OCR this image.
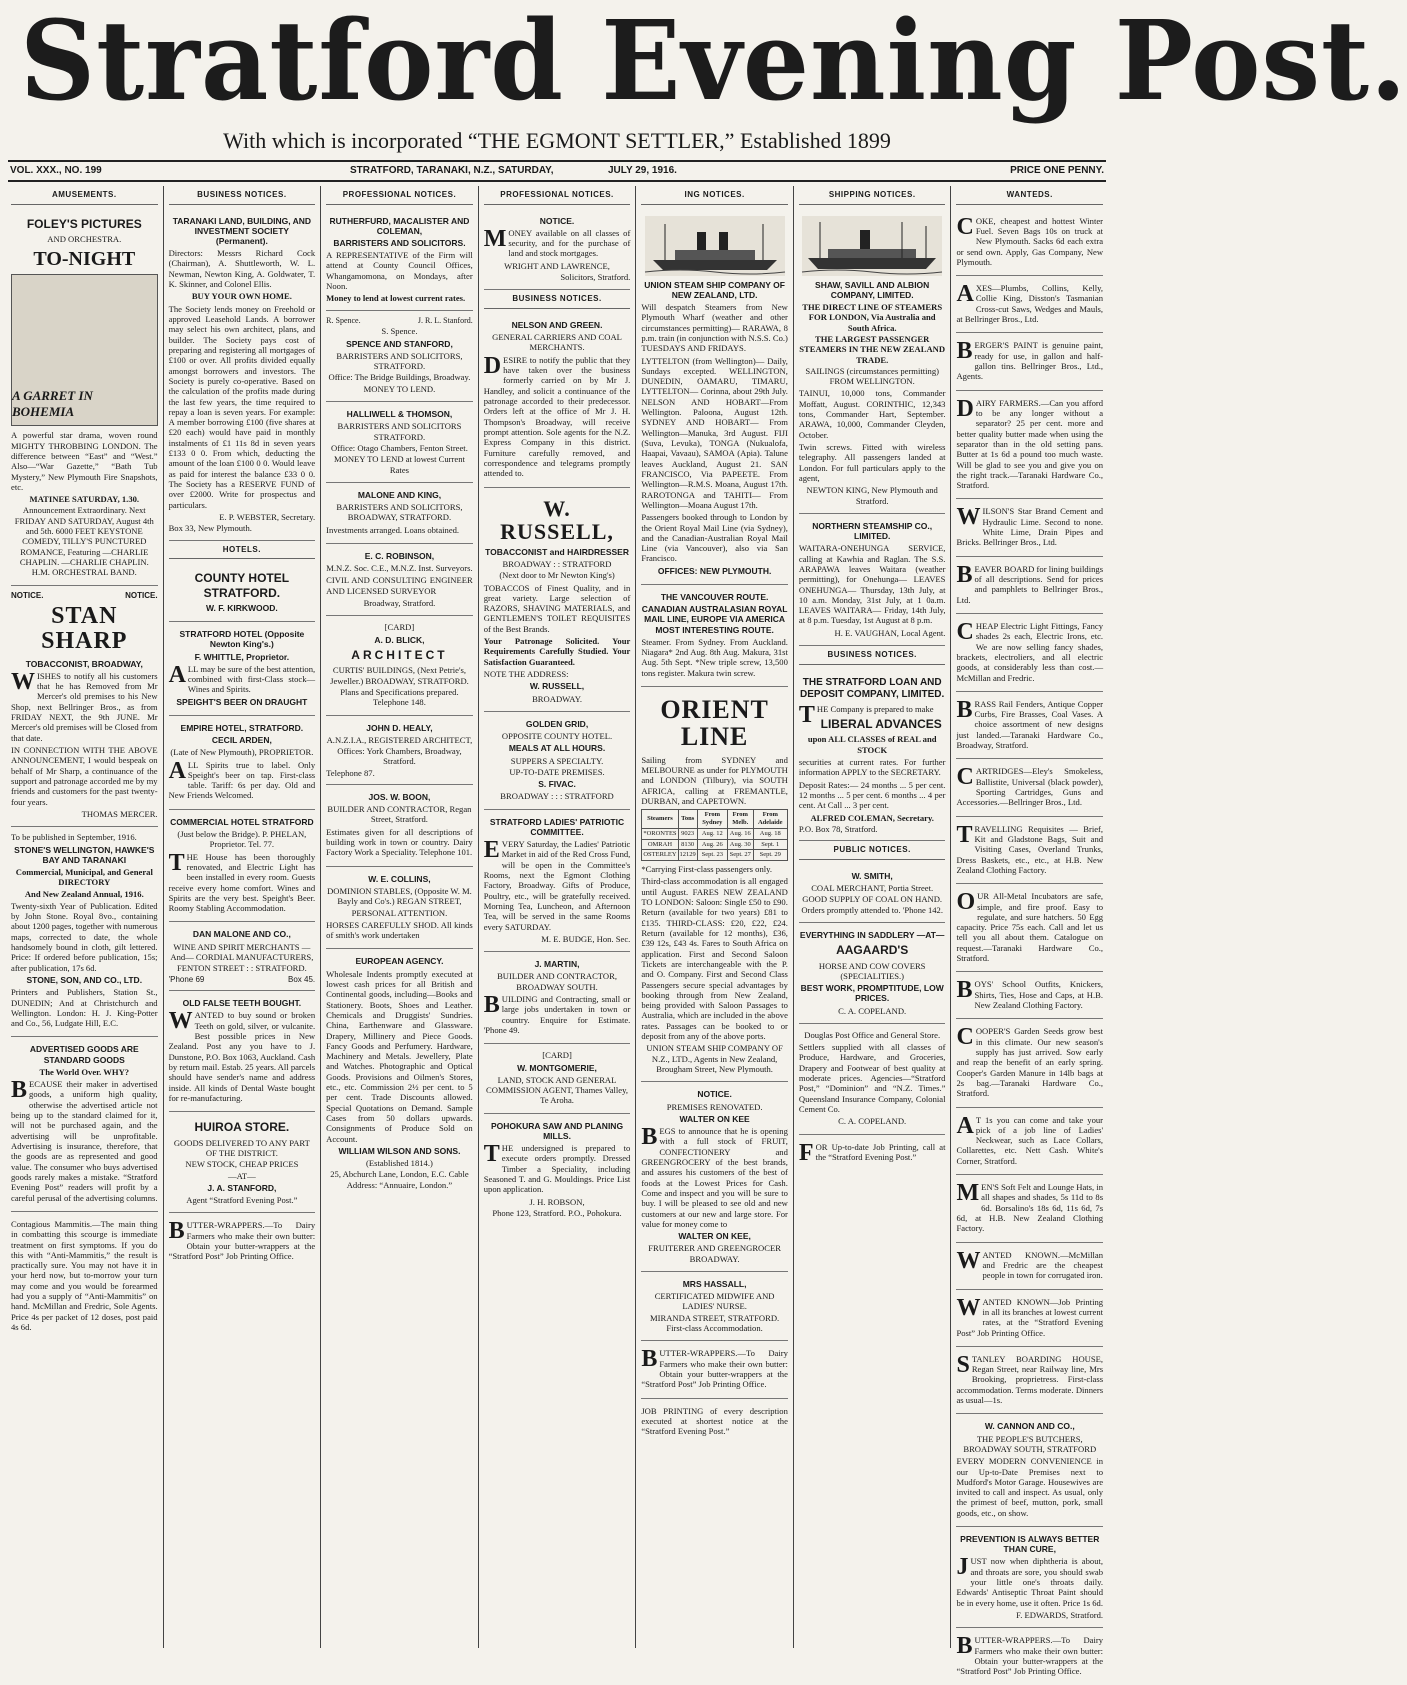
Stratford Evening Post.
With which is incorporated “THE EGMONT SETTLER,” Established 1899
VOL. XXX., NO. 199	STRATFORD, TARANAKI, N.Z., SATURDAY,	JULY 29, 1916.	PRICE ONE PENNY.
AMUSEMENTS.
FOLEY'S PICTURES
AND ORCHESTRA.
TO-NIGHT
A GARRET IN BOHEMIA

A powerful star drama, woven round MIGHTY THROBBING LONDON. The difference between “East” and “West.” Also—“War Gazette,” “Bath Tub Mystery,” New Plymouth Fire Snapshots, etc.

MATINEE SATURDAY, 1.30.

Announcement Extraordinary. Next FRIDAY AND SATURDAY, August 4th and 5th. 6000 FEET KEYSTONE COMEDY, TILLY'S PUNCTURED ROMANCE, Featuring —CHARLIE CHAPLIN. —CHARLIE CHAPLIN. H.M. ORCHESTRAL BAND.

NOTICE.	NOTICE.
STAN SHARP
TOBACCONIST, BROADWAY,

WISHES to notify all his customers that he has Removed from Mr Mercer's old premises to his New Shop, next Bellringer Bros., as from FRIDAY NEXT, the 9th JUNE. Mr Mercer's old premises will be Closed from that date.

IN CONNECTION WITH THE ABOVE ANNOUNCEMENT, I would bespeak on behalf of Mr Sharp, a continuance of the support and patronage accorded me by my friends and customers for the past twenty-four years.

THOMAS MERCER.
To be published in September, 1916.
STONE'S WELLINGTON, HAWKE'S BAY AND TARANAKI
Commercial, Municipal, and General DIRECTORY
And New Zealand Annual, 1916.

Twenty-sixth Year of Publication. Edited by John Stone. Royal 8vo., containing about 1200 pages, together with numerous maps, corrected to date, the whole handsomely bound in cloth, gilt lettered. Price: If ordered before publication, 15s; after publication, 17s 6d.

STONE, SON, AND CO., LTD.

Printers and Publishers, Station St., DUNEDIN; And at Christchurch and Wellington. London: H. J. King-Potter and Co., 56, Ludgate Hill, E.C.

ADVERTISED GOODS ARE STANDARD GOODS
The World Over. WHY?

BECAUSE their maker in advertised goods, a uniform high quality, otherwise the advertised article not being up to the standard claimed for it, will not be purchased again, and the advertising will be unprofitable. Advertising is insurance, therefore, that the goods are as represented and good value. The consumer who buys advertised goods rarely makes a mistake. “Stratford Evening Post” readers will profit by a careful perusal of the advertising columns.

Contagious Mammitis.—The main thing in combatting this scourge is immediate treatment on first symptoms. If you do this with “Anti-Mammitis,” the result is practically sure. You may not have it in your herd now, but to-morrow your turn may come and you would be forearmed had you a supply of “Anti-Mammitis” on hand. McMillan and Fredric, Sole Agents. Price 4s per packet of 12 doses, post paid 4s 6d.

BUSINESS NOTICES.
TARANAKI LAND, BUILDING, AND INVESTMENT SOCIETY (Permanent).

Directors: Messrs Richard Cock (Chairman), A. Shuttleworth, W. L. Newman, Newton King, A. Goldwater, T. K. Skinner, and Colonel Ellis.

BUY YOUR OWN HOME.

The Society lends money on Freehold or approved Leasehold Lands. A borrower may select his own architect, plans, and builder. The Society pays cost of preparing and registering all mortgages of £100 or over. All profits divided equally amongst borrowers and investors. The Society is purely co-operative. Based on the calculation of the profits made during the last few years, the time required to repay a loan is seven years. For example: A member borrowing £100 (five shares at £20 each) would have paid in monthly instalments of £1 11s 8d in seven years £133 0 0. From which, deducting the amount of the loan £100 0 0. Would leave as paid for interest the balance £33 0 0. The Society has a RESERVE FUND of over £2000. Write for prospectus and particulars.

E. P. WEBSTER, Secretary.
Box 33, New Plymouth.
HOTELS.
COUNTY HOTEL STRATFORD.
W. F. KIRKWOOD.
STRATFORD HOTEL (Opposite Newton King's.)
F. WHITTLE, Proprietor.

ALL may be sure of the best attention, combined with first-Class stock—Wines and Spirits.

SPEIGHT'S BEER ON DRAUGHT
EMPIRE HOTEL, STRATFORD.
CECIL ARDEN,
(Late of New Plymouth), PROPRIETOR.

ALL Spirits true to label. Only Speight's beer on tap. First-class table. Tariff: 6s per day. Old and New Friends Welcomed.

COMMERCIAL HOTEL STRATFORD
(Just below the Bridge). P. PHELAN, Proprietor. Tel. 77.

THE House has been thoroughly renovated, and Electric Light has been installed in every room. Guests receive every home comfort. Wines and Spirits are the very best. Speight's Beer. Roomy Stabling Accommodation.

DAN MALONE AND CO.,
WINE AND SPIRIT MERCHANTS —And— CORDIAL MANUFACTURERS,
FENTON STREET : : STRATFORD.
'Phone 69	Box 45.
OLD FALSE TEETH BOUGHT.

WANTED to buy sound or broken Teeth on gold, silver, or vulcanite. Best possible prices in New Zealand. Post any you have to J. Dunstone, P.O. Box 1063, Auckland. Cash by return mail. Estab. 25 years. All parcels should have sender's name and address inside. All kinds of Dental Waste bought for re-manufacturing.

HUIROA STORE.
GOODS DELIVERED TO ANY PART OF THE DISTRICT.
NEW STOCK, CHEAP PRICES
—AT—
J. A. STANFORD,
Agent “Stratford Evening Post.”

BUTTER-WRAPPERS.—To Dairy Farmers who make their own butter: Obtain your butter-wrappers at the “Stratford Post” Job Printing Office.

PROFESSIONAL NOTICES.
RUTHERFURD, MACALISTER AND COLEMAN,
BARRISTERS AND SOLICITORS.

A REPRESENTATIVE of the Firm will attend at County Council Offices, Whangamomona, on Mondays, after Noon.

Money to lend at lowest current rates.
R. Spence.	J. R. L. Stanford.
S. Spence.
SPENCE AND STANFORD,
BARRISTERS AND SOLICITORS, STRATFORD.
Office: The Bridge Buildings, Broadway.
MONEY TO LEND.
HALLIWELL & THOMSON,
BARRISTERS AND SOLICITORS STRATFORD.
Office: Otago Chambers, Fenton Street.
MONEY TO LEND at lowest Current Rates
MALONE AND KING,
BARRISTERS AND SOLICITORS, BROADWAY, STRATFORD.

Investments arranged. Loans obtained.

E. C. ROBINSON,
M.N.Z. Soc. C.E., M.N.Z. Inst. Surveyors.

CIVIL AND CONSULTING ENGINEER AND LICENSED SURVEYOR

Broadway, Stratford.
[CARD]
A. D. BLICK,
ARCHITECT
CURTIS' BUILDINGS, (Next Petrie's, Jeweller.) BROADWAY, STRATFORD.
Plans and Specifications prepared. Telephone 148.
JOHN D. HEALY,
A.N.Z.I.A., REGISTERED ARCHITECT,
Offices: York Chambers, Broadway, Stratford.
Telephone 87.
JOS. W. BOON,
BUILDER AND CONTRACTOR, Regan Street, Stratford.

Estimates given for all descriptions of building work in town or country. Dairy Factory Work a Speciality. Telephone 101.

W. E. COLLINS,
DOMINION STABLES, (Opposite W. M. Bayly and Co's.) REGAN STREET,
PERSONAL ATTENTION.

HORSES CAREFULLY SHOD. All kinds of smith's work undertaken

EUROPEAN AGENCY.

Wholesale Indents promptly executed at lowest cash prices for all British and Continental goods, including—Books and Stationery. Boots, Shoes and Leather. Chemicals and Druggists' Sundries. China, Earthenware and Glassware. Drapery, Millinery and Piece Goods. Fancy Goods and Perfumery. Hardware, Machinery and Metals. Jewellery, Plate and Watches. Photographic and Optical Goods. Provisions and Oilmen's Stores, etc., etc. Commission 2½ per cent. to 5 per cent. Trade Discounts allowed. Special Quotations on Demand. Sample Cases from 50 dollars upwards. Consignments of Produce Sold on Account.

WILLIAM WILSON AND SONS.
(Established 1814.)
25, Abchurch Lane, London, E.C. Cable Address: “Annuaire, London.”
PROFESSIONAL NOTICES.
NOTICE.

MONEY available on all classes of security, and for the purchase of land and stock mortgages.

WRIGHT AND LAWRENCE,
Solicitors, Stratford.
BUSINESS NOTICES.
NELSON AND GREEN.
GENERAL CARRIERS AND COAL MERCHANTS.

DESIRE to notify the public that they have taken over the business formerly carried on by Mr J. Handley, and solicit a continuance of the patronage accorded to their predecessor. Orders left at the office of Mr J. H. Thompson's Broadway, will receive prompt attention. Sole agents for the N.Z. Express Company in this district. Furniture carefully removed, and correspondence and telegrams promptly attended to.

W. RUSSELL,
TOBACCONIST and HAIRDRESSER
BROADWAY : : STRATFORD
(Next door to Mr Newton King's)

TOBACCOS of Finest Quality, and in great variety. Large selection of RAZORS, SHAVING MATERIALS, and GENTLEMEN'S TOILET REQUISITES of the Best Brands.

Your Patronage Solicited. Your Requirements Carefully Studied. Your Satisfaction Guaranteed.

NOTE THE ADDRESS:
W. RUSSELL,
BROADWAY.
GOLDEN GRID,
OPPOSITE COUNTY HOTEL.
MEALS AT ALL HOURS.
SUPPERS A SPECIALTY.
UP-TO-DATE PREMISES.
S. FIVAC.
BROADWAY : : : STRATFORD
STRATFORD LADIES' PATRIOTIC COMMITTEE.

EVERY Saturday, the Ladies' Patriotic Market in aid of the Red Cross Fund, will be open in the Committee's Rooms, next the Egmont Clothing Factory, Broadway. Gifts of Produce, Poultry, etc., will be gratefully received. Morning Tea, Luncheon, and Afternoon Tea, will be served in the same Rooms every SATURDAY.

M. E. BUDGE, Hon. Sec.
J. MARTIN,
BUILDER AND CONTRACTOR, BROADWAY SOUTH.

BUILDING and Contracting, small or large jobs undertaken in town or country. Enquire for Estimate. 'Phone 49.

[CARD]
W. MONTGOMERIE,
LAND, STOCK AND GENERAL COMMISSION AGENT, Thames Valley, Te Aroha.
POHOKURA SAW AND PLANING MILLS.

THE undersigned is prepared to execute orders promptly. Dressed Timber a Speciality, including Seasoned T. and G. Mouldings. Price List upon application.

J. H. ROBSON,
Phone 123, Stratford. P.O., Pohokura.
ING NOTICES.
UNION STEAM SHIP COMPANY OF NEW ZEALAND, LTD.

Will despatch Steamers from New Plymouth Wharf (weather and other circumstances permitting)— RARAWA, 8 p.m. train (in conjunction with N.S.S. Co.) TUESDAYS AND FRIDAYS.

LYTTELTON (from Wellington)— Daily, Sundays excepted. WELLINGTON, DUNEDIN, OAMARU, TIMARU, LYTTELTON— Corinna, about 29th July. NELSON AND HOBART—From Wellington. Paloona, August 12th. SYDNEY AND HOBART— From Wellington—Manuka, 3rd August. FIJI (Suva, Levuka), TONGA (Nukualofa, Haapai, Vavaau), SAMOA (Apia). Talune leaves Auckland, August 21. SAN FRANCISCO, Via PAPEETE. From Wellington—R.M.S. Moana, August 17th. RAROTONGA and TAHITI— From Wellington—Moana August 17th.

Passengers booked through to London by the Orient Royal Mail Line (via Sydney), and the Canadian-Australian Royal Mail Line (via Vancouver), also via San Francisco.

OFFICES: NEW PLYMOUTH.
THE VANCOUVER ROUTE.
CANADIAN AUSTRALASIAN ROYAL MAIL LINE, EUROPE VIA AMERICA MOST INTERESTING ROUTE.

Steamer. From Sydney. From Auckland. Niagara* 2nd Aug. 8th Aug. Makura, 31st Aug. 5th Sept. *New triple screw, 13,500 tons register. Makura twin screw.

ORIENT LINE

Sailing from SYDNEY and MELBOURNE as under for PLYMOUTH and LONDON (Tilbury), via SOUTH AFRICA, calling at FREMANTLE, DURBAN, and CAPETOWN.

Steamers	Tons	From Sydney	From Melb.	From Adelaide
*ORONTES	9023	Aug. 12	Aug. 16	Aug. 18
OMRAH	8130	Aug. 26	Aug. 30	Sept. 1
OSTERLEY	12129	Sept. 23	Sept. 27	Sept. 29
*Carrying First-class passengers only.

Third-class accommodation is all engaged until August. FARES NEW ZEALAND TO LONDON: Saloon: Single £50 to £90. Return (available for two years) £81 to £135. THIRD-CLASS: £20, £22, £24. Return (available for 12 months), £36, £39 12s, £43 4s. Fares to South Africa on application. First and Second Saloon Tickets are interchangeable with the P. and O. Company. First and Second Class Passengers secure special advantages by booking through from New Zealand, being provided with Saloon Passages to Australia, which are included in the above rates. Passages can be booked to or deposit from any of the above ports.

UNION STEAM SHIP COMPANY OF N.Z., LTD., Agents in New Zealand, Brougham Street, New Plymouth.

NOTICE.
PREMISES RENOVATED.
WALTER ON KEE

BEGS to announce that he is opening with a full stock of FRUIT, CONFECTIONERY and GREENGROCERY of the best brands, and assures his customers of the best of foods at the Lowest Prices for Cash. Come and inspect and you will be sure to buy. I will be pleased to see old and new customers at our new and large store. For value for money come to

WALTER ON KEE,
FRUITERER AND GREENGROCER BROADWAY.
MRS HASSALL,
CERTIFICATED MIDWIFE AND LADIES' NURSE.
MIRANDA STREET, STRATFORD. First-class Accommodation.

BUTTER-WRAPPERS.—To Dairy Farmers who make their own butter: Obtain your butter-wrappers at the “Stratford Post” Job Printing Office.

JOB PRINTING of every description executed at shortest notice at the “Stratford Evening Post.”

SHIPPING NOTICES.
SHAW, SAVILL AND ALBION COMPANY, LIMITED.
THE DIRECT LINE OF STEAMERS FOR LONDON, Via Australia and South Africa.
THE LARGEST PASSENGER STEAMERS IN THE NEW ZEALAND TRADE.
SAILINGS (circumstances permitting) FROM WELLINGTON.

TAINUI, 10,000 tons, Commander Moffatt, August. CORINTHIC, 12,343 tons, Commander Hart, September. ARAWA, 10,000, Commander Cleyden, October.

Twin screws. Fitted with wireless telegraphy. All passengers landed at London. For full particulars apply to the agent,

NEWTON KING, New Plymouth and Stratford.
NORTHERN STEAMSHIP CO., LIMITED.

WAITARA-ONEHUNGA SERVICE, calling at Kawhia and Raglan. The S.S. ARAPAWA leaves Waitara (weather permitting), for Onehunga— LEAVES ONEHUNGA— Thursday, 13th July, at 10 a.m. Monday, 31st July, at 1 0a.m. LEAVES WAITARA— Friday, 14th July, at 8 p.m. Tuesday, 1st August at 8 p.m.

H. E. VAUGHAN, Local Agent.
BUSINESS NOTICES.
THE STRATFORD LOAN AND DEPOSIT COMPANY, LIMITED.

THE Company is prepared to make

LIBERAL ADVANCES
upon ALL CLASSES of REAL and STOCK

securities at current rates. For further information APPLY to the SECRETARY.

Deposit Rates:— 24 months ... 5 per cent. 12 months ... 5 per cent. 6 months ... 4 per cent. At Call ... 3 per cent.

ALFRED COLEMAN, Secretary.
P.O. Box 78, Stratford.
PUBLIC NOTICES.
W. SMITH,
COAL MERCHANT, Portia Street.

GOOD SUPPLY OF COAL ON HAND. Orders promptly attended to. 'Phone 142.

EVERYTHING IN SADDLERY —AT—
AAGAARD'S
HORSE AND COW COVERS (SPECIALITIES.)
BEST WORK, PROMPTITUDE, LOW PRICES.
C. A. COPELAND.
Douglas Post Office and General Store.

Settlers supplied with all classes of Produce, Hardware, and Groceries, Drapery and Footwear of best quality at moderate prices. Agencies—“Stratford Post,” “Dominion” and “N.Z. Times.” Queensland Insurance Company, Colonial Cement Co.

C. A. COPELAND.

FOR Up-to-date Job Printing, call at the “Stratford Evening Post.”

WANTEDS.

COKE, cheapest and hottest Winter Fuel. Seven Bags 10s on truck at New Plymouth. Sacks 6d each extra or send own. Apply, Gas Company, New Plymouth.

AXES—Plumbs, Collins, Kelly, Collie King, Disston's Tasmanian Cross-cut Saws, Wedges and Mauls, at Bellringer Bros., Ltd.

BERGER'S PAINT is genuine paint, ready for use, in gallon and half-gallon tins. Bellringer Bros., Ltd., Agents.

DAIRY FARMERS.—Can you afford to be any longer without a separator? 25 per cent. more and better quality butter made when using the separator than in the old setting pans. Butter at 1s 6d a pound too much waste. Will be glad to see you and give you on the right track.—Taranaki Hardware Co., Stratford.

WILSON'S Star Brand Cement and Hydraulic Lime. Second to none. White Lime, Drain Pipes and Bricks. Bellringer Bros., Ltd.

BEAVER BOARD for lining buildings of all descriptions. Send for prices and pamphlets to Bellringer Bros., Ltd.

CHEAP Electric Light Fittings, Fancy shades 2s each, Electric Irons, etc. We are now selling fancy shades, brackets, electroliers, and all electric goods, at considerably less than cost.—McMillan and Fredric.

BRASS Rail Fenders, Antique Copper Curbs, Fire Brasses, Coal Vases. A choice assortment of new designs just landed.—Taranaki Hardware Co., Broadway, Stratford.

CARTRIDGES—Eley's Smokeless, Ballistite, Universal (black powder), Sporting Cartridges, Guns and Accessories.—Bellringer Bros., Ltd.

TRAVELLING Requisites — Brief, Kit and Gladstone Bags, Suit and Visiting Cases, Overland Trunks, Dress Baskets, etc., etc., at H.B. New Zealand Clothing Factory.

OUR All-Metal Incubators are safe, simple, and fire proof. Easy to regulate, and sure hatchers. 50 Egg capacity. Price 75s each. Call and let us tell you all about them. Catalogue on request.—Taranaki Hardware Co., Stratford.

BOYS' School Outfits, Knickers, Shirts, Ties, Hose and Caps, at H.B. New Zealand Clothing Factory.

COOPER'S Garden Seeds grow best in this climate. Our new season's supply has just arrived. Sow early and reap the benefit of an early spring. Cooper's Garden Manure in 14lb bags at 2s bag.—Taranaki Hardware Co., Stratford.

AT 1s you can come and take your pick of a job line of Ladies' Neckwear, such as Lace Collars, Collarettes, etc. Nett Cash. White's Corner, Stratford.

MEN'S Soft Felt and Lounge Hats, in all shapes and shades, 5s 11d to 8s 6d. Borsalino's 18s 6d, 11s 6d, 7s 6d, at H.B. New Zealand Clothing Factory.

WANTED KNOWN.—McMillan and Fredric are the cheapest people in town for corrugated iron.

WANTED KNOWN—Job Printing in all its branches at lowest current rates, at the “Stratford Evening Post” Job Printing Office.

STANLEY BOARDING HOUSE, Regan Street, near Railway line, Mrs Brooking, proprietress. First-class accommodation. Terms moderate. Dinners as usual—1s.

W. CANNON AND CO.,
THE PEOPLE'S BUTCHERS, BROADWAY SOUTH, STRATFORD

EVERY MODERN CONVENIENCE in our Up-to-Date Premises next to Mudford's Motor Garage. Housewives are invited to call and inspect. As usual, only the primest of beef, mutton, pork, small goods, etc., on show.

PREVENTION IS ALWAYS BETTER THAN CURE,

JUST now when diphtheria is about, and throats are sore, you should swab your little one's throats daily. Edwards' Antiseptic Throat Paint should be in every home, use it often. Price 1s 6d.

F. EDWARDS, Stratford.

BUTTER-WRAPPERS.—To Dairy Farmers who make their own butter: Obtain your butter-wrappers at the “Stratford Post” Job Printing Office.
